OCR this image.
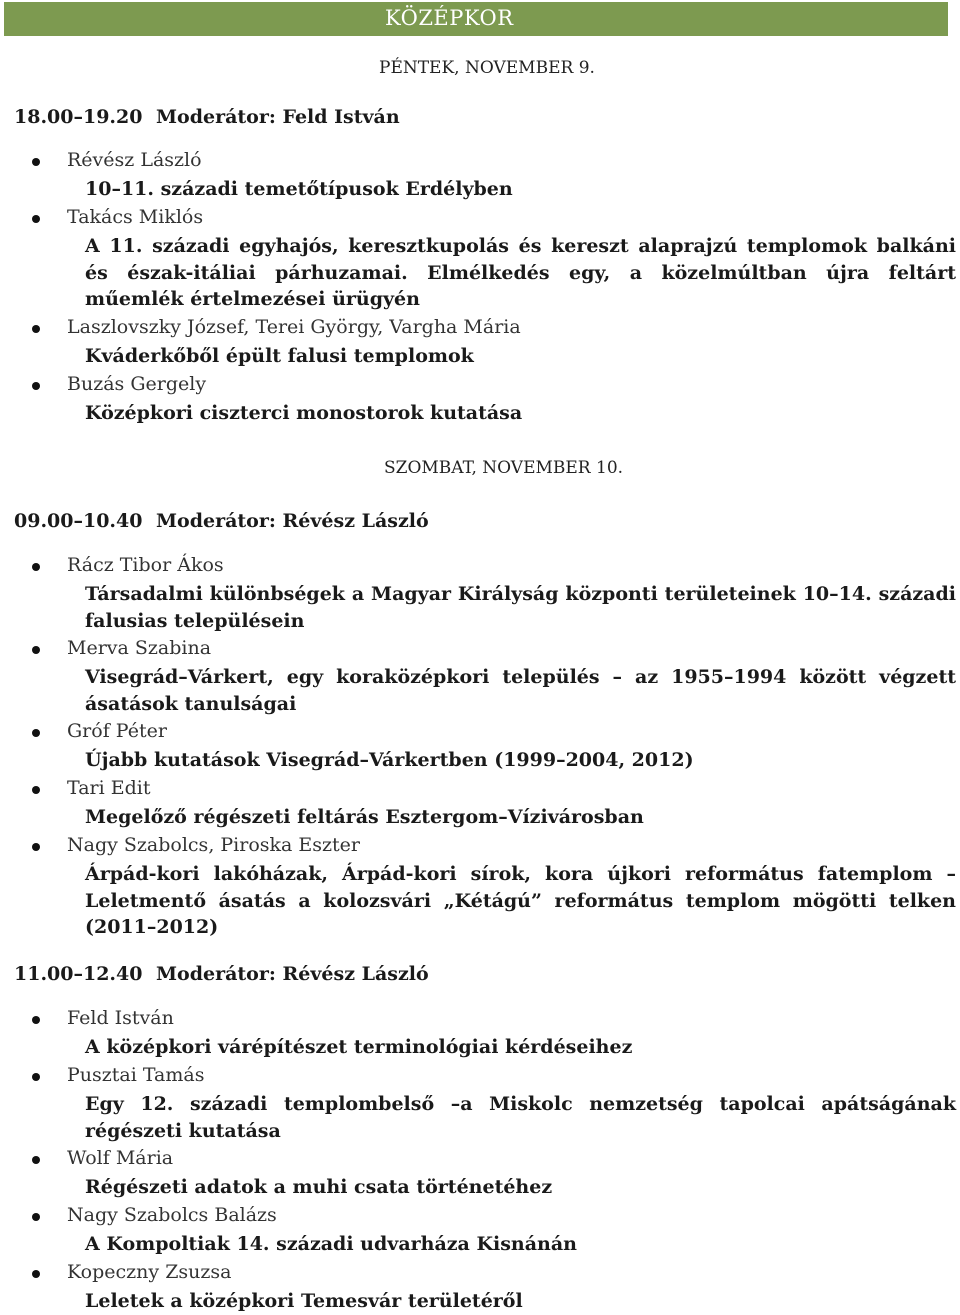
KÖZÉPKOR
PÉNTEK, NOVEMBER 9.
18.00–19.20 Moderátor: Feld István
SZOMBAT, NOVEMBER 10.
09.00–10.40 Moderátor: Révész László
11.00–12.40 Moderátor: Révész László
Révész László
10–11. századi temetőtípusok Erdélyben
Takács Miklós
A 11. századi egyhajós, keresztkupolás és kereszt alaprajzú templomok balkáni és észak-itáliai párhuzamai. Elmélkedés egy, a közelmúltban újra feltárt műemlék értelmezései ürügyén
Laszlovszky József, Terei György, Vargha Mária
Kváderkőből épült falusi templomok
Buzás Gergely
Középkori ciszterci monostorok kutatása
Rácz Tibor Ákos
Társadalmi különbségek a Magyar Királyság központi területeinek 10–14. századi falusias településein
Merva Szabina
Visegrád–Várkert, egy koraközépkori település – az 1955–1994 között végzett ásatások tanulságai
Gróf Péter
Újabb kutatások Visegrád–Várkertben (1999–2004, 2012)
Tari Edit
Megelőző régészeti feltárás Esztergom–Vízivárosban
Nagy Szabolcs, Piroska Eszter
Árpád-kori lakóházak, Árpád-kori sírok, kora újkori református fatemplom – Leletmentő ásatás a kolozsvári „Kétágú” református templom mögötti telken (2011–2012)
Feld István
A középkori várépítészet terminológiai kérdéseihez
Pusztai Tamás
Egy 12. századi templombelső –a Miskolc nemzetség tapolcai apátságának régészeti kutatása
Wolf Mária
Régészeti adatok a muhi csata történetéhez
Nagy Szabolcs Balázs
A Kompoltiak 14. századi udvarháza Kisnánán
Kopeczny Zsuzsa
Leletek a középkori Temesvár területéről
